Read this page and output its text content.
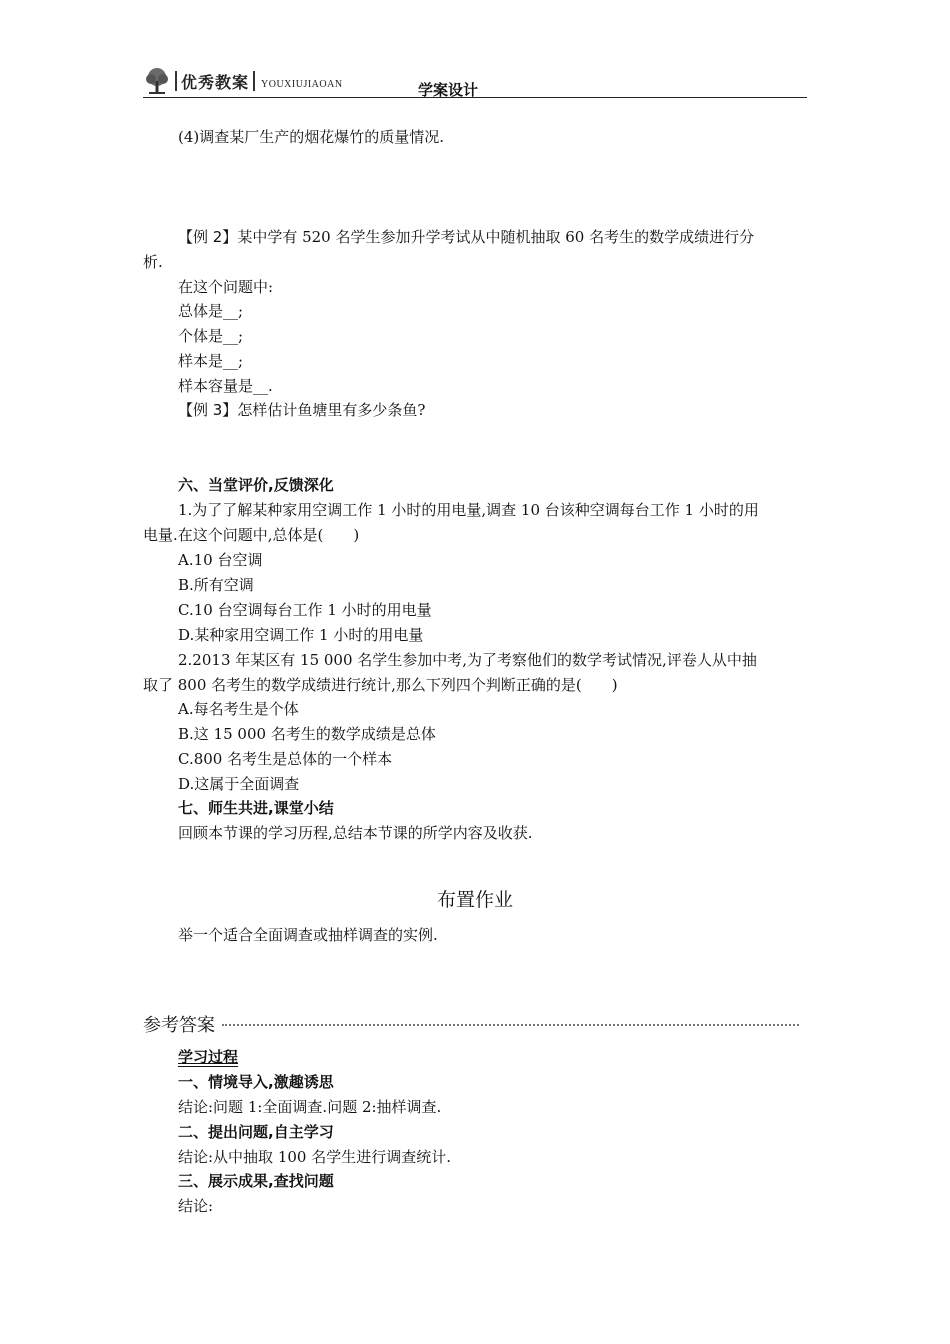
优秀教案 YOUXIUJIAOAN	学案设计
(4)调查某厂生产的烟花爆竹的质量情况.
【例 2】某中学有 520 名学生参加升学考试从中随机抽取 60 名考生的数学成绩进行分
析.
在这个问题中:
总体是__;
个体是__;
样本是__;
样本容量是__.
【例 3】怎样估计鱼塘里有多少条鱼?
六、当堂评价,反馈深化
1.为了了解某种家用空调工作 1 小时的用电量,调查 10 台该种空调每台工作 1 小时的用
电量.在这个问题中,总体是(　　)
A.10 台空调
B.所有空调
C.10 台空调每台工作 1 小时的用电量
D.某种家用空调工作 1 小时的用电量
2.2013 年某区有 15 000 名学生参加中考,为了考察他们的数学考试情况,评卷人从中抽
取了 800 名考生的数学成绩进行统计,那么下列四个判断正确的是(　　)
A.每名考生是个体
B.这 15 000 名考生的数学成绩是总体
C.800 名考生是总体的一个样本
D.这属于全面调查
七、师生共进,课堂小结
回顾本节课的学习历程,总结本节课的所学内容及收获.
布置作业
举一个适合全面调查或抽样调查的实例.
参考答案
学习过程
一、情境导入,激趣诱思
结论:问题 1:全面调查.问题 2:抽样调查.
二、提出问题,自主学习
结论:从中抽取 100 名学生进行调查统计.
三、展示成果,查找问题
结论:
